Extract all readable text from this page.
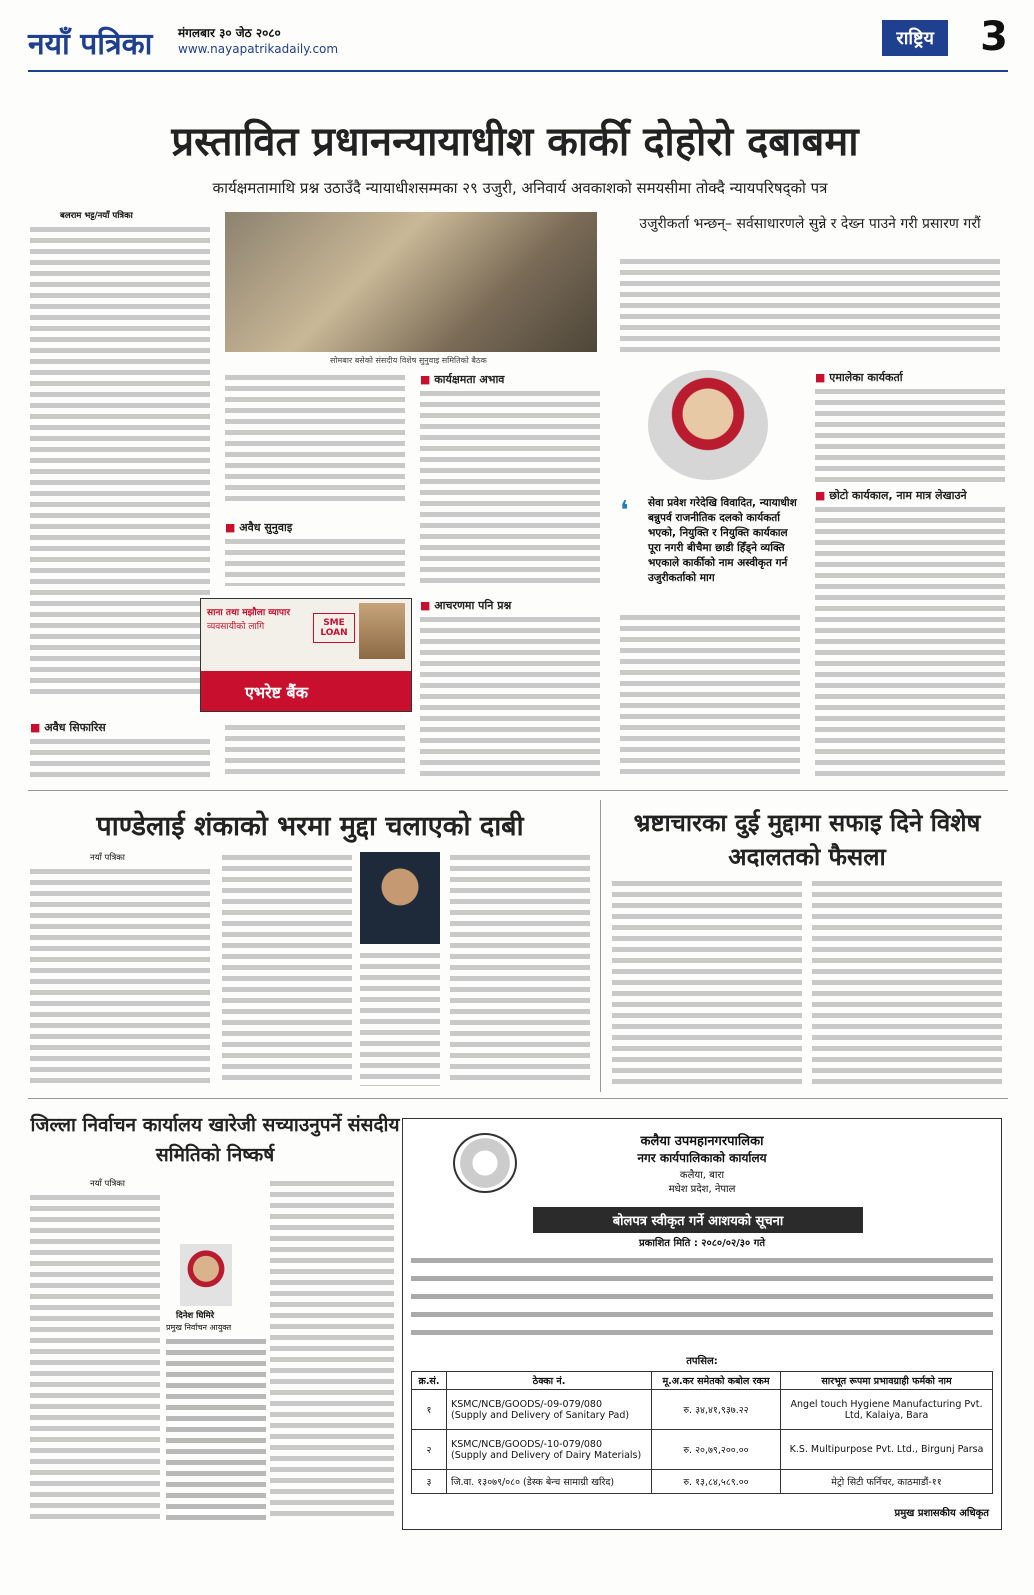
नयाँ पत्रिका मंगलबार ३० जेठ २०८०
www.nayapatrikadaily.com	राष्ट्रिय	3
प्रस्तावित प्रधानन्यायाधीश कार्की दोहोरो दबाबमा
कार्यक्षमतामाथि प्रश्न उठाउँदै न्यायाधीशसम्मका २९ उजुरी, अनिवार्य अवकाशको समयसीमा तोक्दै न्यायपरिषद्को पत्र
बलराम भट्ट/नयाँ पत्रिका
■ अवैध सिफारिस
सोमबार बसेको संसदीय विशेष सुनुवाइ समितिको बैठक
■ अवैध सुनुवाइ
साना तथा मझौला व्यापार
व्यवसायीको लागि	SME LOAN
एभरेष्ट बैंक
■ कार्यक्षमता अभाव
■ आचरणमा पनि प्रश्न
उजुरीकर्ता भन्छन्– सर्वसाधारणले सुन्ने र देख्न पाउने गरी प्रसारण गरौं
❛ सेवा प्रवेश गरेदेखि विवादित, न्यायाधीश बन्नुपर्व राजनीतिक दलको कार्यकर्ता भएको, नियुक्ति र नियुक्ति कार्यकाल पूरा नगरी बीचैमा छाडी हिँड्ने व्यक्ति भएकाले कार्कीको नाम अस्वीकृत गर्न उजुरीकर्ताको माग
■ एमालेका कार्यकर्ता
■ छोटो कार्यकाल, नाम मात्र लेखाउने
पाण्डेलाई शंकाको भरमा मुद्दा चलाएको दाबी
नयाँ पत्रिका
भ्रष्टाचारका दुई मुद्दामा सफाइ दिने विशेष अदालतको फैसला
जिल्ला निर्वाचन कार्यालय खारेजी सच्याउनुपर्ने संसदीय समितिको निष्कर्ष
नयाँ पत्रिका
दिनेश घिमिरे
प्रमुख निर्वाचन आयुक्त
कलैया उपमहानगरपालिका
नगर कार्यपालिकाको कार्यालय
कलैया, बारा
मधेश प्रदेश, नेपाल
बोलपत्र स्वीकृत गर्ने आशयको सूचना
प्रकाशित मिति : २०८०/०२/३० गते
तपसिल:
क्र.सं.	ठेक्का नं.	मू.अ.कर समेतको कबोल रकम	सारभूत रूपमा प्रभावग्राही फर्मको नाम
१	KSMC/NCB/GOODS/-09-079/080
(Supply and Delivery of Sanitary Pad)	रु. ३४,४१,९३७.२२	Angel touch Hygiene Manufacturing Pvt. Ltd, Kalaiya, Bara
२	KSMC/NCB/GOODS/-10-079/080
(Supply and Delivery of Dairy Materials)	रु. २०,७९,२००.००	K.S. Multipurpose Pvt. Ltd., Birgunj Parsa
३	जि.वा. १३०७९/०८० (डेस्क बेन्च सामाग्री खरिद)	रु. १३,८४,५८९.००	मेट्रो सिटी फर्निचर, काठमाडौं-११
प्रमुख प्रशासकीय अधिकृत
